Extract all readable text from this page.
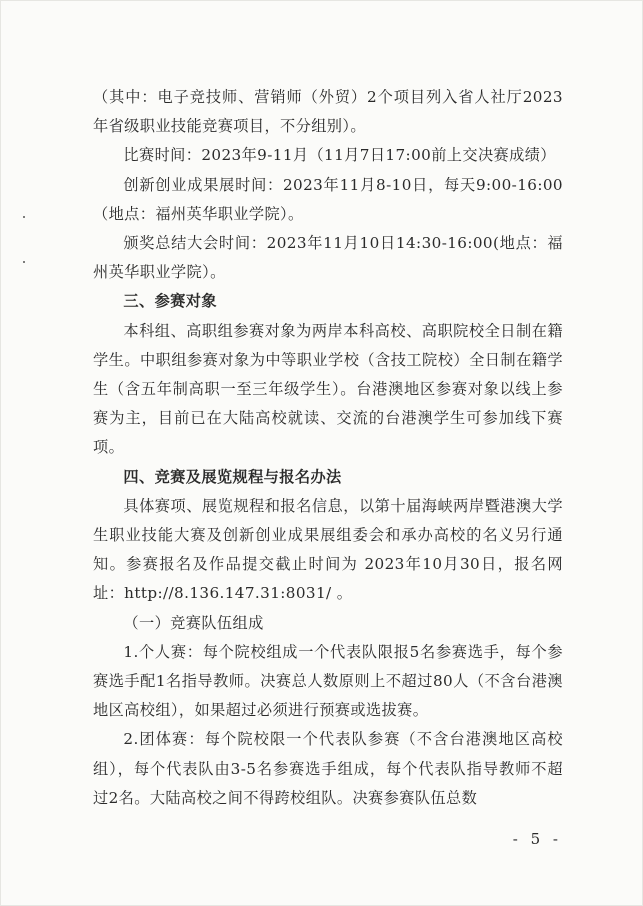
（其中：电子竞技师、营销师（外贸）2个项目列入省人社厅2023年省级职业技能竞赛项目，不分组别）。

比赛时间：2023年9-11月（11月7日17:00前上交决赛成绩）

创新创业成果展时间：2023年11月8-10日，每天9:00-16:00（地点：福州英华职业学院）。

颁奖总结大会时间：2023年11月10日14:30-16:00(地点：福州英华职业学院）。

三、参赛对象

本科组、高职组参赛对象为两岸本科高校、高职院校全日制在籍学生。中职组参赛对象为中等职业学校（含技工院校）全日制在籍学生（含五年制高职一至三年级学生）。台港澳地区参赛对象以线上参赛为主，目前已在大陆高校就读、交流的台港澳学生可参加线下赛项。

四、竞赛及展览规程与报名办法

具体赛项、展览规程和报名信息，以第十届海峡两岸暨港澳大学生职业技能大赛及创新创业成果展组委会和承办高校的名义另行通知。参赛报名及作品提交截止时间为 2023年10月30日，报名网址：http://8.136.147.31:8031/ 。

（一）竞赛队伍组成

1.个人赛：每个院校组成一个代表队限报5名参赛选手，每个参赛选手配1名指导教师。决赛总人数原则上不超过80人（不含台港澳地区高校组），如果超过必须进行预赛或选拔赛。

2.团体赛：每个院校限一个代表队参赛（不含台港澳地区高校组），每个代表队由3-5名参赛选手组成，每个代表队指导教师不超过2名。大陆高校之间不得跨校组队。决赛参赛队伍总数

- 5 -
